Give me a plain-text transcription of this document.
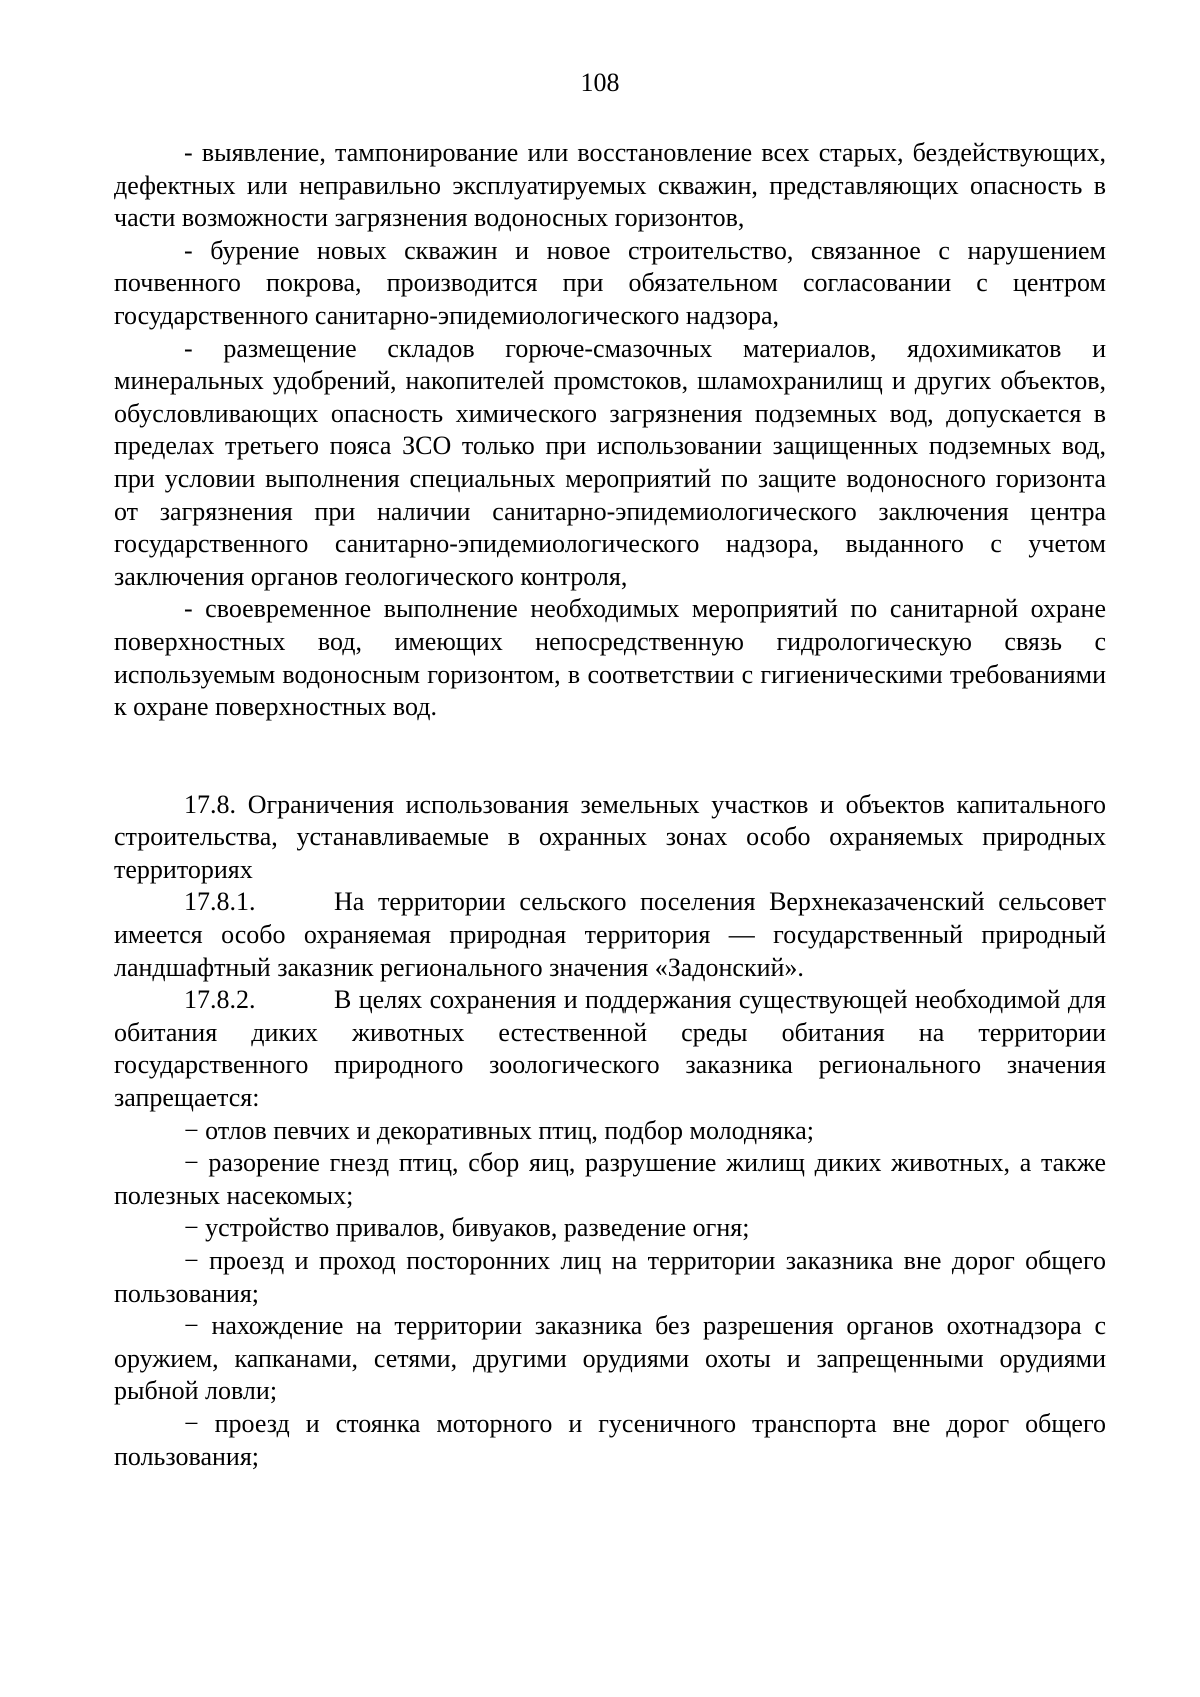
108

- выявление, тампонирование или восстановление всех старых, бездействующих, дефектных или неправильно эксплуатируемых скважин, представляющих опасность в части возможности загрязнения водоносных горизонтов,

- бурение новых скважин и новое строительство, связанное с нарушением почвенного покрова, производится при обязательном согласовании с центром государственного санитарно-эпидемиологического надзора,

- размещение складов горюче-смазочных материалов, ядохимикатов и минеральных удобрений, накопителей промстоков, шламохранилищ и других объектов, обусловливающих опасность химического загрязнения подземных вод, допускается в пределах третьего пояса ЗСО только при использовании защищенных подземных вод, при условии выполнения специальных мероприятий по защите водоносного горизонта от загрязнения при наличии санитарно-эпидемиологического заключения центра государственного санитарно-эпидемиологического надзора, выданного с учетом заключения органов геологического контроля,

- своевременное выполнение необходимых мероприятий по санитарной охране поверхностных вод, имеющих непосредственную гидрологическую связь с используемым водоносным горизонтом, в соответствии с гигиеническими требованиями к охране поверхностных вод.

17.8. Ограничения использования земельных участков и объектов капитального строительства, устанавливаемые в охранных зонах особо охраняемых природных территориях

17.8.1.	На территории сельского поселения Верхнеказаченский сельсовет имеется особо охраняемая природная территория — государственный природный ландшафтный заказник регионального значения «Задонский».

17.8.2.	В целях сохранения и поддержания существующей необходимой для обитания диких животных естественной среды обитания на территории государственного природного зоологического заказника регионального значения запрещается:

− отлов певчих и декоративных птиц, подбор молодняка;

− разорение гнезд птиц, сбор яиц, разрушение жилищ диких животных, а также полезных насекомых;

− устройство привалов, бивуаков, разведение огня;

− проезд и проход посторонних лиц на территории заказника вне дорог общего пользования;

− нахождение на территории заказника без разрешения органов охотнадзора с оружием, капканами, сетями, другими орудиями охоты и запрещенными орудиями рыбной ловли;

− проезд и стоянка моторного и гусеничного транспорта вне дорог общего пользования;
